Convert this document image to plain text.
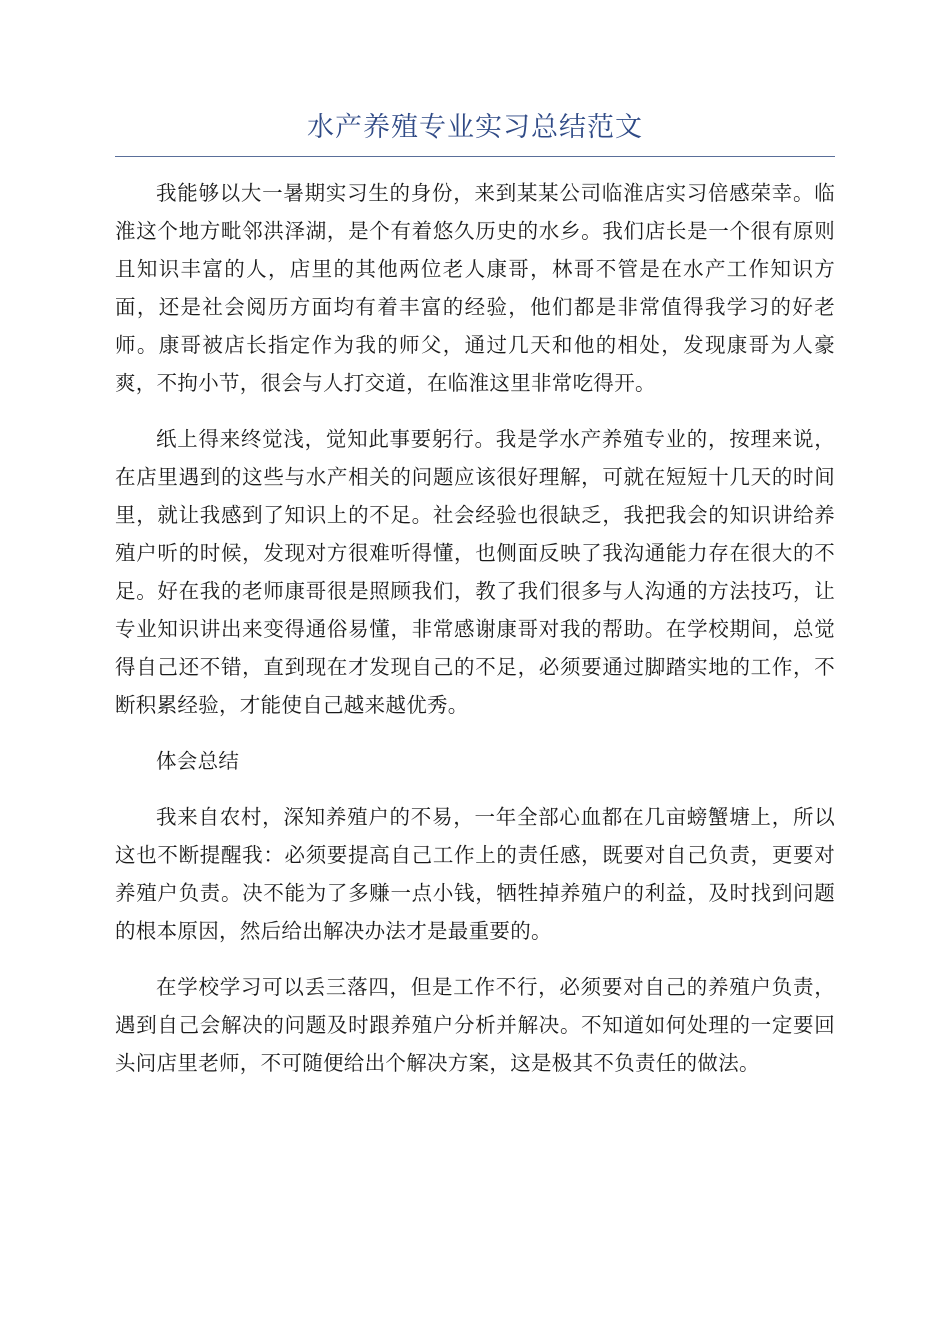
水产养殖专业实习总结范文

我能够以大一暑期实习生的身份，来到某某公司临淮店实习倍感荣幸。临淮这个地方毗邻洪泽湖，是个有着悠久历史的水乡。我们店长是一个很有原则且知识丰富的人，店里的其他两位老人康哥，林哥不管是在水产工作知识方面，还是社会阅历方面均有着丰富的经验，他们都是非常值得我学习的好老师。康哥被店长指定作为我的师父，通过几天和他的相处，发现康哥为人豪爽，不拘小节，很会与人打交道，在临淮这里非常吃得开。

纸上得来终觉浅，觉知此事要躬行。我是学水产养殖专业的，按理来说，在店里遇到的这些与水产相关的问题应该很好理解，可就在短短十几天的时间里，就让我感到了知识上的不足。社会经验也很缺乏，我把我会的知识讲给养殖户听的时候，发现对方很难听得懂，也侧面反映了我沟通能力存在很大的不足。好在我的老师康哥很是照顾我们，教了我们很多与人沟通的方法技巧，让专业知识讲出来变得通俗易懂，非常感谢康哥对我的帮助。在学校期间，总觉得自己还不错，直到现在才发现自己的不足，必须要通过脚踏实地的工作，不断积累经验，才能使自己越来越优秀。

体会总结

我来自农村，深知养殖户的不易，一年全部心血都在几亩螃蟹塘上，所以这也不断提醒我：必须要提高自己工作上的责任感，既要对自己负责，更要对养殖户负责。决不能为了多赚一点小钱，牺牲掉养殖户的利益，及时找到问题的根本原因，然后给出解决办法才是最重要的。

在学校学习可以丢三落四，但是工作不行，必须要对自己的养殖户负责，遇到自己会解决的问题及时跟养殖户分析并解决。不知道如何处理的一定要回头问店里老师，不可随便给出个解决方案，这是极其不负责任的做法。
